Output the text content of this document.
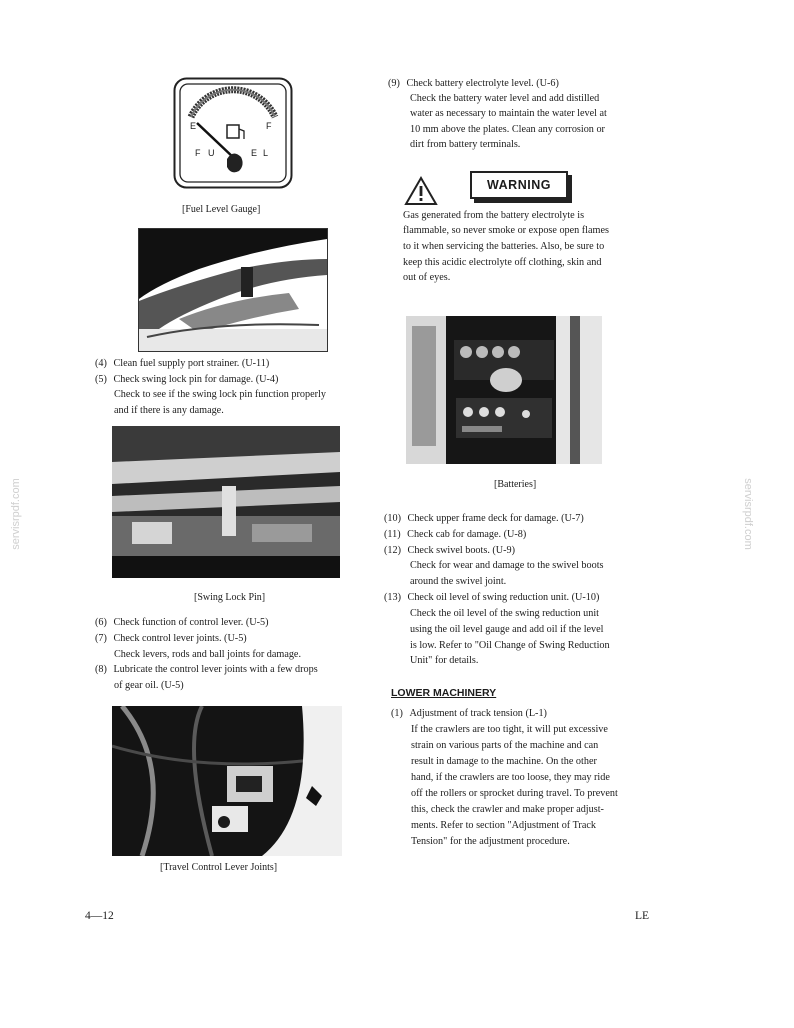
servisrpdf.com	servisrpdf.com
E	F
F U	E L
[Fuel Level Gauge]
(4) Clean fuel supply port strainer. (U-11)
(5) Check swing lock pin for damage. (U-4)
Check to see if the swing lock pin function properly
and if there is any damage.
[Swing Lock Pin]
(6) Check function of control lever. (U-5)
(7) Check control lever joints. (U-5)
Check levers, rods and ball joints for damage.
(8) Lubricate the control lever joints with a few drops
of gear oil. (U-5)
[Travel Control Lever Joints]
(9) Check battery electrolyte level. (U-6)
Check the battery water level and add distilled
water as necessary to maintain the water level at
10 mm above the plates. Clean any corrosion or
dirt from battery terminals.
WARNING
Gas generated from the battery electrolyte is
flammable, so never smoke or expose open flames
to it when servicing the batteries. Also, be sure to
keep this acidic electrolyte off clothing, skin and
out of eyes.
[Batteries]
(10) Check upper frame deck for damage. (U-7)
(11) Check cab for damage. (U-8)
(12) Check swivel boots. (U-9)
Check for wear and damage to the swivel boots
around the swivel joint.
(13) Check oil level of swing reduction unit. (U-10)
Check the oil level of the swing reduction unit
using the oil level gauge and add oil if the level
is low. Refer to "Oil Change of Swing Reduction
Unit" for details.
LOWER MACHINERY
(1) Adjustment of track tension (L-1)
If the crawlers are too tight, it will put excessive
strain on various parts of the machine and can
result in damage to the machine. On the other
hand, if the crawlers are too loose, they may ride
off the rollers or sprocket during travel. To prevent
this, check the crawler and make proper adjust-
ments. Refer to section "Adjustment of Track
Tension" for the adjustment procedure.
4—12	LE
